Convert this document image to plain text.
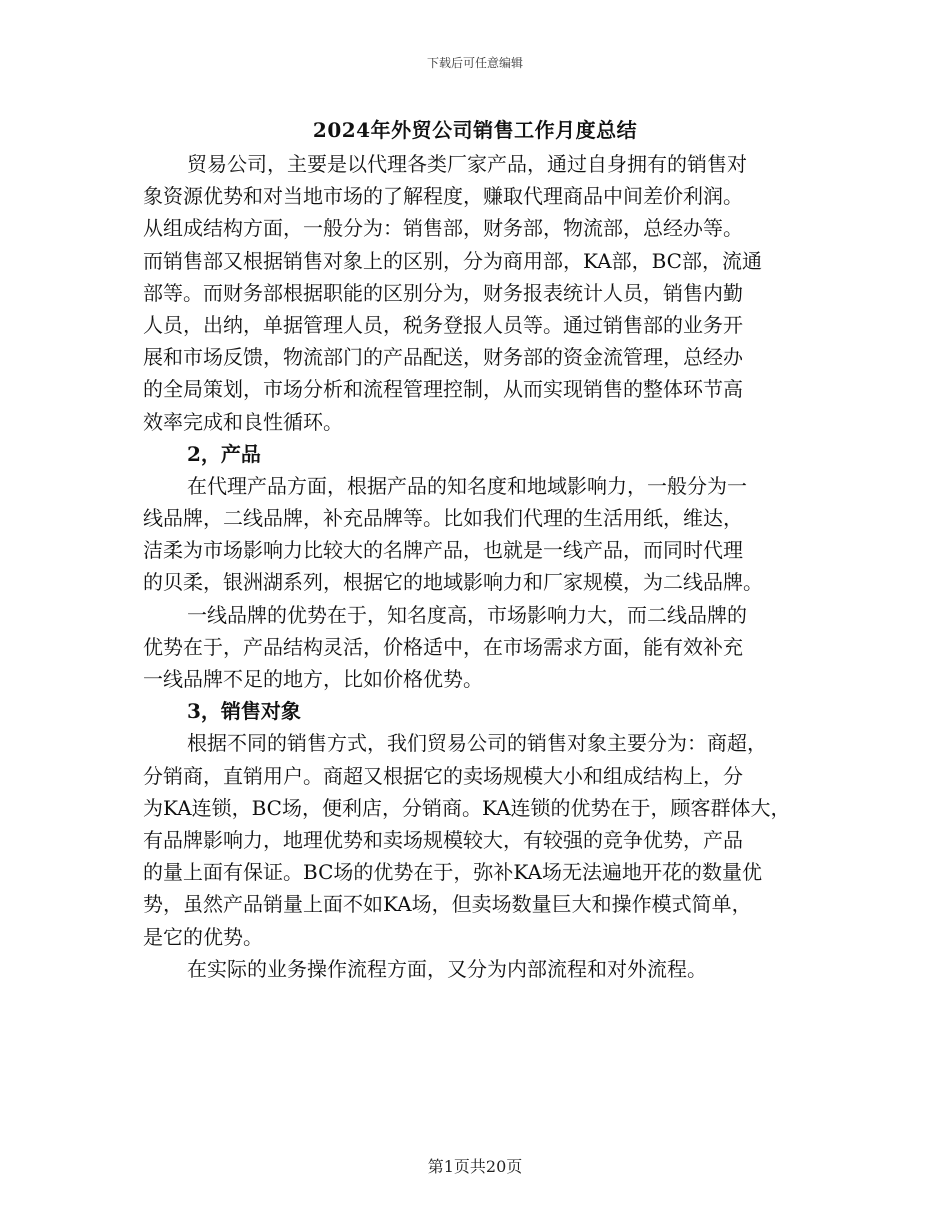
下载后可任意编辑
2024年外贸公司销售工作月度总结
贸易公司，主要是以代理各类厂家产品，通过自身拥有的销售对
象资源优势和对当地市场的了解程度，赚取代理商品中间差价利润。
从组成结构方面，一般分为：销售部，财务部，物流部，总经办等。
而销售部又根据销售对象上的区别，分为商用部，KA部，BC部，流通
部等。而财务部根据职能的区别分为，财务报表统计人员，销售内勤
人员，出纳，单据管理人员，税务登报人员等。通过销售部的业务开
展和市场反馈，物流部门的产品配送，财务部的资金流管理，总经办
的全局策划，市场分析和流程管理控制，从而实现销售的整体环节高
效率完成和良性循环。
2，产品
在代理产品方面，根据产品的知名度和地域影响力，一般分为一
线品牌，二线品牌，补充品牌等。比如我们代理的生活用纸，维达，
洁柔为市场影响力比较大的名牌产品，也就是一线产品，而同时代理
的贝柔，银洲湖系列，根据它的地域影响力和厂家规模，为二线品牌。
一线品牌的优势在于，知名度高，市场影响力大，而二线品牌的
优势在于，产品结构灵活，价格适中，在市场需求方面，能有效补充
一线品牌不足的地方，比如价格优势。
3，销售对象
根据不同的销售方式，我们贸易公司的销售对象主要分为：商超，
分销商，直销用户。商超又根据它的卖场规模大小和组成结构上，分
为KA连锁，BC场，便利店，分销商。KA连锁的优势在于，顾客群体大，
有品牌影响力，地理优势和卖场规模较大，有较强的竞争优势，产品
的量上面有保证。BC场的优势在于，弥补KA场无法遍地开花的数量优
势，虽然产品销量上面不如KA场，但卖场数量巨大和操作模式简单，
是它的优势。
在实际的业务操作流程方面，又分为内部流程和对外流程。
第1页共20页
